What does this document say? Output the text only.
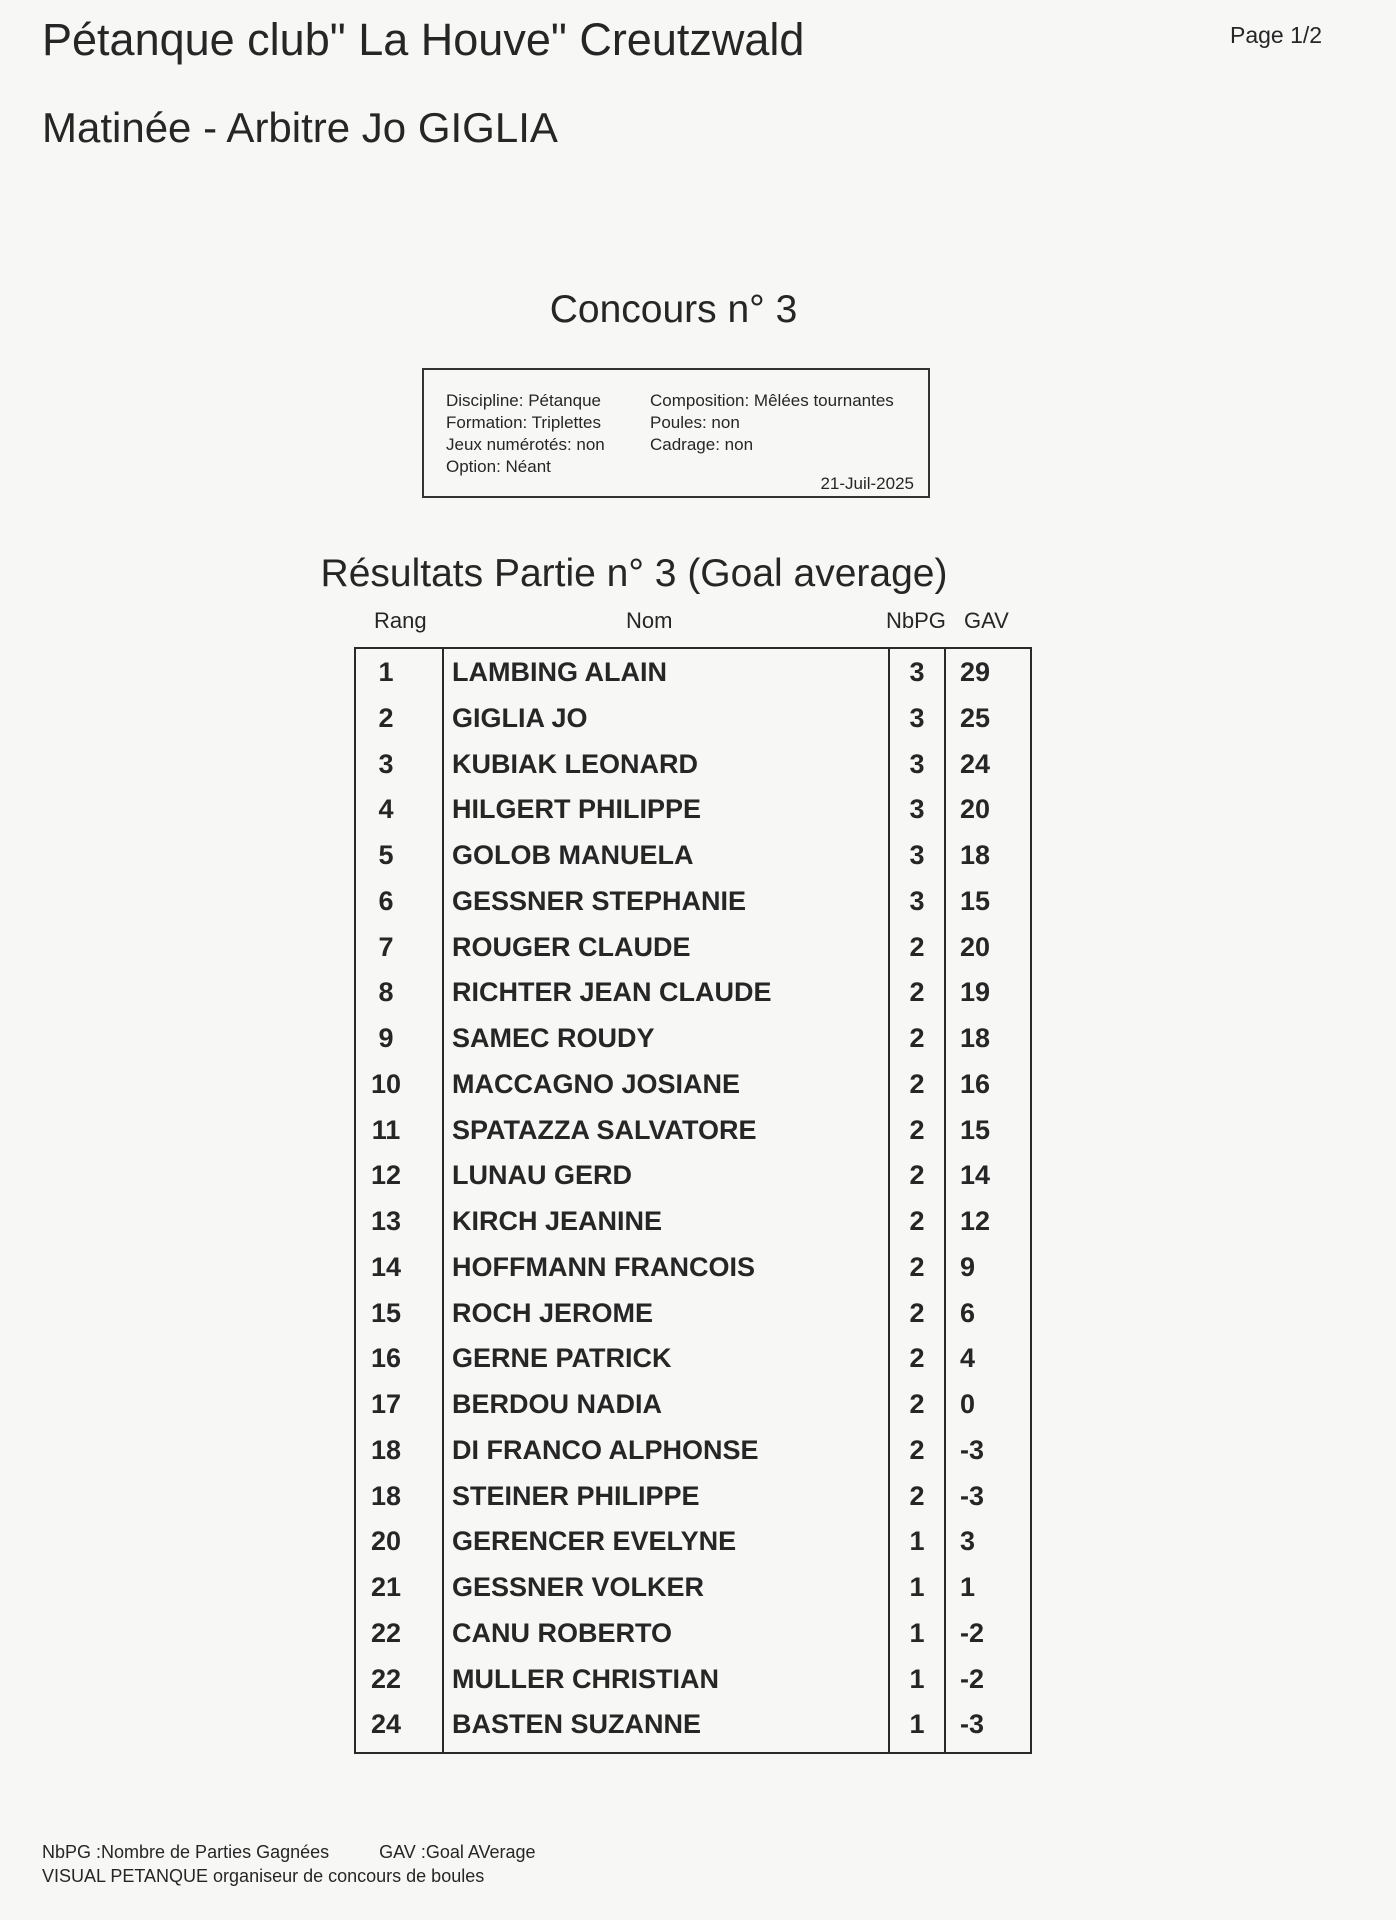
Pétanque club" La Houve" Creutzwald
Matinée - Arbitre Jo GIGLIA
Page 1/2
Concours n° 3
Discipline: Pétanque
Formation: Triplettes
Jeux numérotés: non
Option: Néant
Composition: Mêlées tournantes
Poules: non
Cadrage: non
21-Juil-2025
Résultats Partie n° 3 (Goal average)
Rang	Nom	NbPG GAV
1	LAMBING ALAIN	3	29
2	GIGLIA JO	3	25
3	KUBIAK LEONARD	3	24
4	HILGERT PHILIPPE	3	20
5	GOLOB MANUELA	3	18
6	GESSNER STEPHANIE	3	15
7	ROUGER CLAUDE	2	20
8	RICHTER JEAN CLAUDE	2	19
9	SAMEC ROUDY	2	18
10	MACCAGNO JOSIANE	2	16
11	SPATAZZA SALVATORE	2	15
12	LUNAU GERD	2	14
13	KIRCH JEANINE	2	12
14	HOFFMANN FRANCOIS	2	9
15	ROCH JEROME	2	6
16	GERNE PATRICK	2	4
17	BERDOU NADIA	2	0
18	DI FRANCO ALPHONSE	2	-3
18	STEINER PHILIPPE	2	-3
20	GERENCER EVELYNE	1	3
21	GESSNER VOLKER	1	1
22	CANU ROBERTO	1	-2
22	MULLER CHRISTIAN	1	-2
24	BASTEN SUZANNE	1	-3
NbPG :Nombre de Parties Gagnées	GAV :Goal AVerage
VISUAL PETANQUE organiseur de concours de boules
